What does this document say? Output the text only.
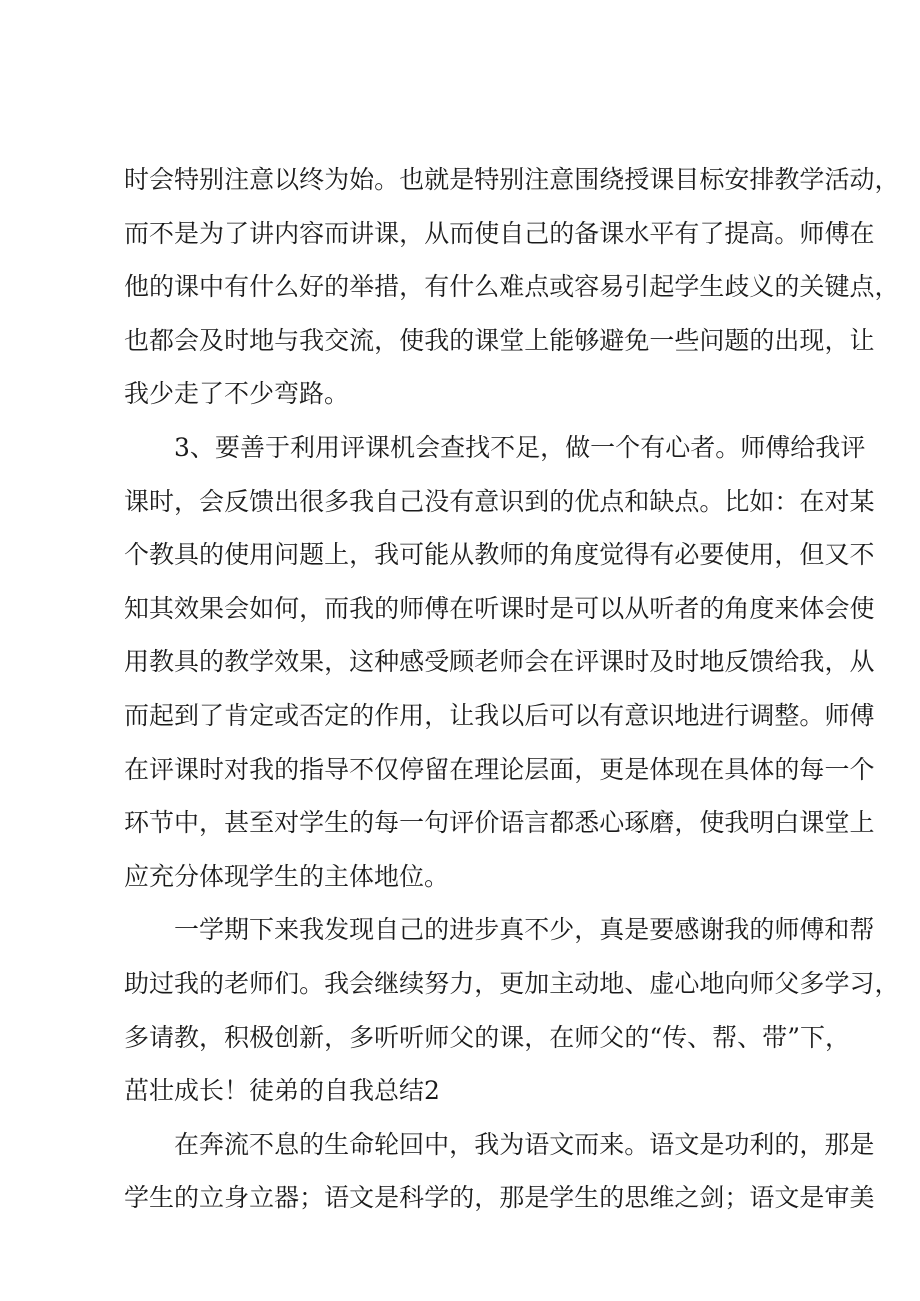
时 会 特 别 注 意 以 终 为 始 。 也 就 是 特 别 注 意 围 绕 授 课 目 标 安 排 教 学 活 动 ，
而 不 是 为 了 讲 内 容 而 讲 课 ， 从 而 使 自 己 的 备 课 水 平 有 了 提 高 。 师 傅 在
他 的 课 中 有 什 么 好 的 举 措 ， 有 什 么 难 点 或 容 易 引 起 学 生 歧 义 的 关 键 点 ，
也 都 会 及 时 地 与 我 交 流 ， 使 我 的 课 堂 上 能 够 避 免 一 些 问 题 的 出 现 ， 让
我少走了不少弯路。
3 、 要 善 于 利 用 评 课 机 会 查 找 不 足 ， 做 一 个 有 心 者 。 师 傅 给 我 评
课 时 ， 会 反 馈 出 很 多 我 自 己 没 有 意 识 到 的 优 点 和 缺 点 。 比 如 ： 在 对 某
个 教 具 的 使 用 问 题 上 ， 我 可 能 从 教 师 的 角 度 觉 得 有 必 要 使 用 ， 但 又 不
知 其 效 果 会 如 何 ， 而 我 的 师 傅 在 听 课 时 是 可 以 从 听 者 的 角 度 来 体 会 使
用 教 具 的 教 学 效 果 ， 这 种 感 受 顾 老 师 会 在 评 课 时 及 时 地 反 馈 给 我 ， 从
而 起 到 了 肯 定 或 否 定 的 作 用 ， 让 我 以 后 可 以 有 意 识 地 进 行 调 整 。 师 傅
在 评 课 时 对 我 的 指 导 不 仅 停 留 在 理 论 层 面 ， 更 是 体 现 在 具 体 的 每 一 个
环 节 中 ， 甚 至 对 学 生 的 每 一 句 评 价 语 言 都 悉 心 琢 磨 ， 使 我 明 白 课 堂 上
应充分体现学生的主体地位。
一 学 期 下 来 我 发 现 自 己 的 进 步 真 不 少 ， 真 是 要 感 谢 我 的 师 傅 和 帮
助 过 我 的 老 师 们 。 我 会 继 续 努 力 ， 更 加 主 动 地 、 虚 心 地 向 师 父 多 学 习 ，
多 请 教 ， 积 极 创 新 ， 多 听 听 师 父 的 课 ， 在 师 父 的 “ 传 、 帮 、 带 ” 下 ，
茁壮成长！徒弟的自我总结2
在 奔 流 不 息 的 生 命 轮 回 中 ， 我 为 语 文 而 来 。 语 文 是 功 利 的 ， 那 是
学 生 的 立 身 立 器 ； 语 文 是 科 学 的 ， 那 是 学 生 的 思 维 之 剑 ； 语 文 是 审 美
